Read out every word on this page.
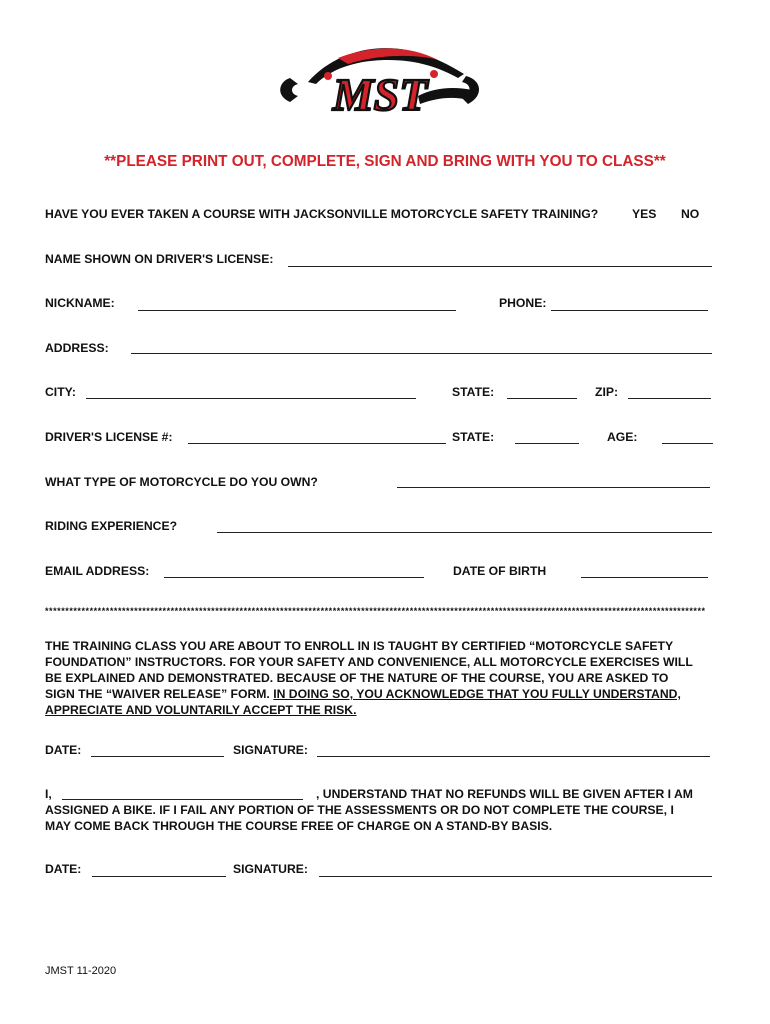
MST
**PLEASE PRINT OUT, COMPLETE, SIGN AND BRING WITH YOU TO CLASS**
HAVE YOU EVER TAKEN A COURSE WITH JACKSONVILLE MOTORCYCLE SAFETY TRAINING?	YES NO
NAME SHOWN ON DRIVER'S LICENSE:
NICKNAME:	PHONE:
ADDRESS:
CITY:	STATE:	ZIP:
DRIVER'S LICENSE #:	STATE:	AGE:
WHAT TYPE OF MOTORCYCLE DO YOU OWN?
RIDING EXPERIENCE?
EMAIL ADDRESS:	DATE OF BIRTH
*******************************************************************************************************************************************************************
THE TRAINING CLASS YOU ARE ABOUT TO ENROLL IN IS TAUGHT BY CERTIFIED “MOTORCYCLE SAFETY
FOUNDATION” INSTRUCTORS. FOR YOUR SAFETY AND CONVENIENCE, ALL MOTORCYCLE EXERCISES WILL
BE EXPLAINED AND DEMONSTRATED. BECAUSE OF THE NATURE OF THE COURSE, YOU ARE ASKED TO
SIGN THE “WAIVER RELEASE” FORM. IN DOING SO, YOU ACKNOWLEDGE THAT YOU FULLY UNDERSTAND,
APPRECIATE AND VOLUNTARILY ACCEPT THE RISK.
DATE:	SIGNATURE:
I,	, UNDERSTAND THAT NO REFUNDS WILL BE GIVEN AFTER I AM
ASSIGNED A BIKE. IF I FAIL ANY PORTION OF THE ASSESSMENTS OR DO NOT COMPLETE THE COURSE, I
MAY COME BACK THROUGH THE COURSE FREE OF CHARGE ON A STAND-BY BASIS.
DATE:	SIGNATURE:
JMST 11-2020
